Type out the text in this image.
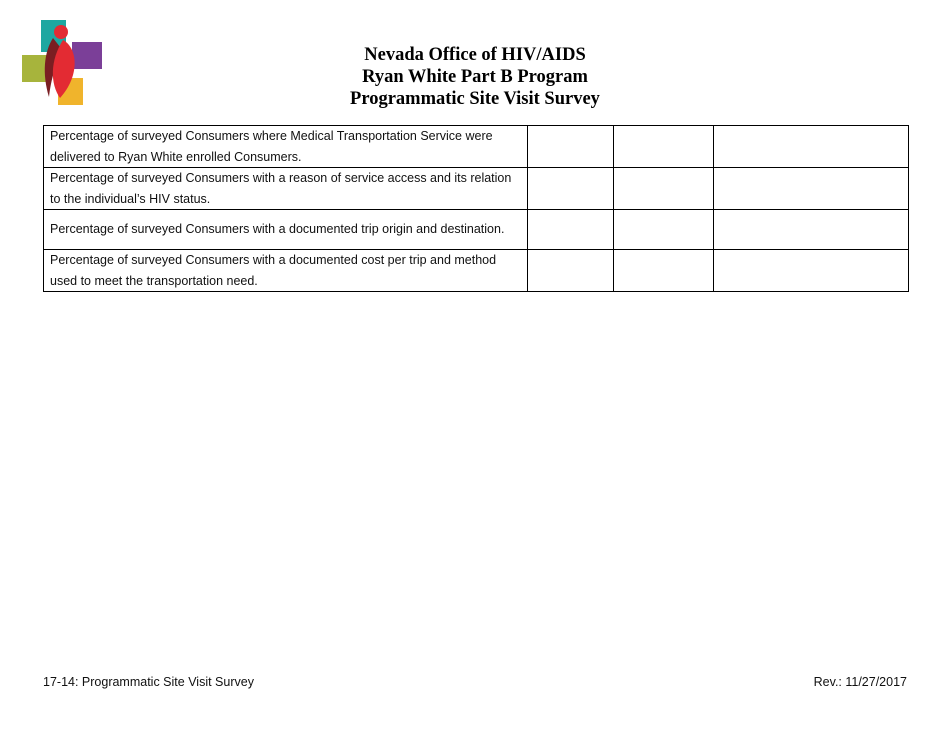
Nevada Office of HIV/AIDS
Ryan White Part B Program
Programmatic Site Visit Survey
Percentage of surveyed Consumers where Medical Transportation Service were delivered to Ryan White enrolled Consumers.			
Percentage of surveyed Consumers with a reason of service access and its relation to the individual’s HIV status.			
Percentage of surveyed Consumers with a documented trip origin and destination.			
Percentage of surveyed Consumers with a documented cost per trip and method used to meet the transportation need.			
17-14: Programmatic Site Visit Survey	Rev.: 11/27/2017
